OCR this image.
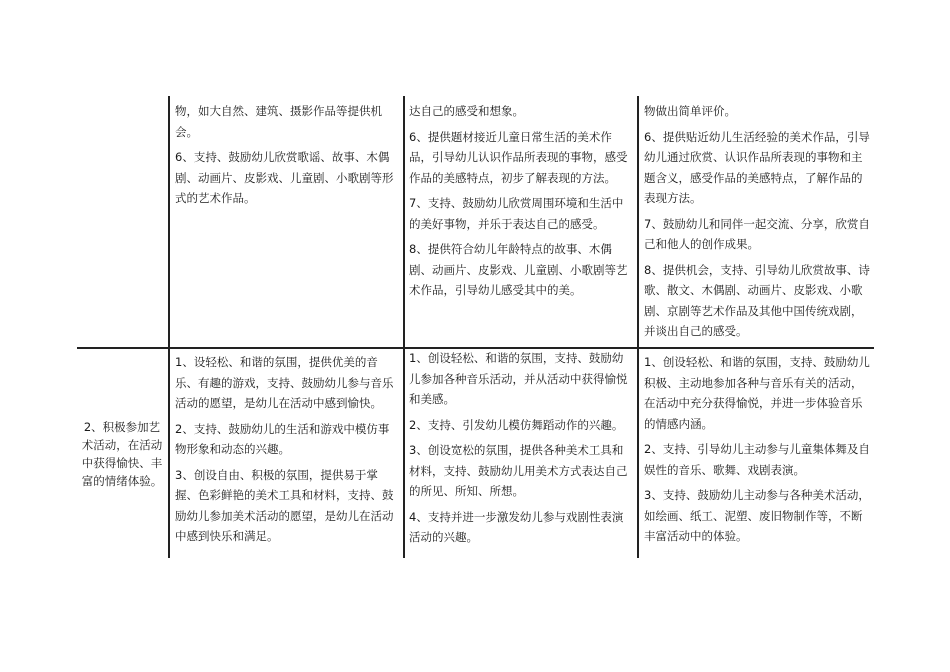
物，如大自然、建筑、摄影作品等提供机会。

6、支持、鼓励幼儿欣赏歌谣、故事、木偶剧、动画片、皮影戏、儿童剧、小歌剧等形式的艺术作品。

达自己的感受和想象。

6、提供题材接近儿童日常生活的美术作品，引导幼儿认识作品所表现的事物，感受作品的美感特点，初步了解表现的方法。

7、支持、鼓励幼儿欣赏周围环境和生活中的美好事物，并乐于表达自己的感受。

8、提供符合幼儿年龄特点的故事、木偶剧、动画片、皮影戏、儿童剧、小歌剧等艺术作品，引导幼儿感受其中的美。

物做出简单评价。

6、提供贴近幼儿生活经验的美术作品，引导幼儿通过欣赏、认识作品所表现的事物和主题含义，感受作品的美感特点，了解作品的表现方法。

7、鼓励幼儿和同伴一起交流、分享，欣赏自己和他人的创作成果。

8、提供机会，支持、引导幼儿欣赏故事、诗歌、散文、木偶剧、动画片、皮影戏、小歌剧、京剧等艺术作品及其他中国传统戏剧，并谈出自己的感受。

2、积极参加艺术活动，在活动中获得愉快、丰富的情绪体验。

1、设轻松、和谐的氛围，提供优美的音乐、有趣的游戏，支持、鼓励幼儿参与音乐活动的愿望，是幼儿在活动中感到愉快。

2、支持、鼓励幼儿的生活和游戏中模仿事物形象和动态的兴趣。

3、创设自由、积极的氛围，提供易于掌握、色彩鲜艳的美术工具和材料，支持、鼓励幼儿参加美术活动的愿望，是幼儿在活动中感到快乐和满足。

1、创设轻松、和谐的氛围，支持、鼓励幼儿参加各种音乐活动，并从活动中获得愉悦和美感。

2、支持、引发幼儿模仿舞蹈动作的兴趣。

3、创设宽松的氛围，提供各种美术工具和材料，支持、鼓励幼儿用美术方式表达自己的所见、所知、所想。

4、支持并进一步激发幼儿参与戏剧性表演活动的兴趣。

1、创设轻松、和谐的氛围，支持、鼓励幼儿积极、主动地参加各种与音乐有关的活动，在活动中充分获得愉悦，并进一步体验音乐的情感内涵。

2、支持、引导幼儿主动参与儿童集体舞及自娱性的音乐、歌舞、戏剧表演。

3、支持、鼓励幼儿主动参与各种美术活动，如绘画、纸工、泥塑、废旧物制作等，不断丰富活动中的体验。
